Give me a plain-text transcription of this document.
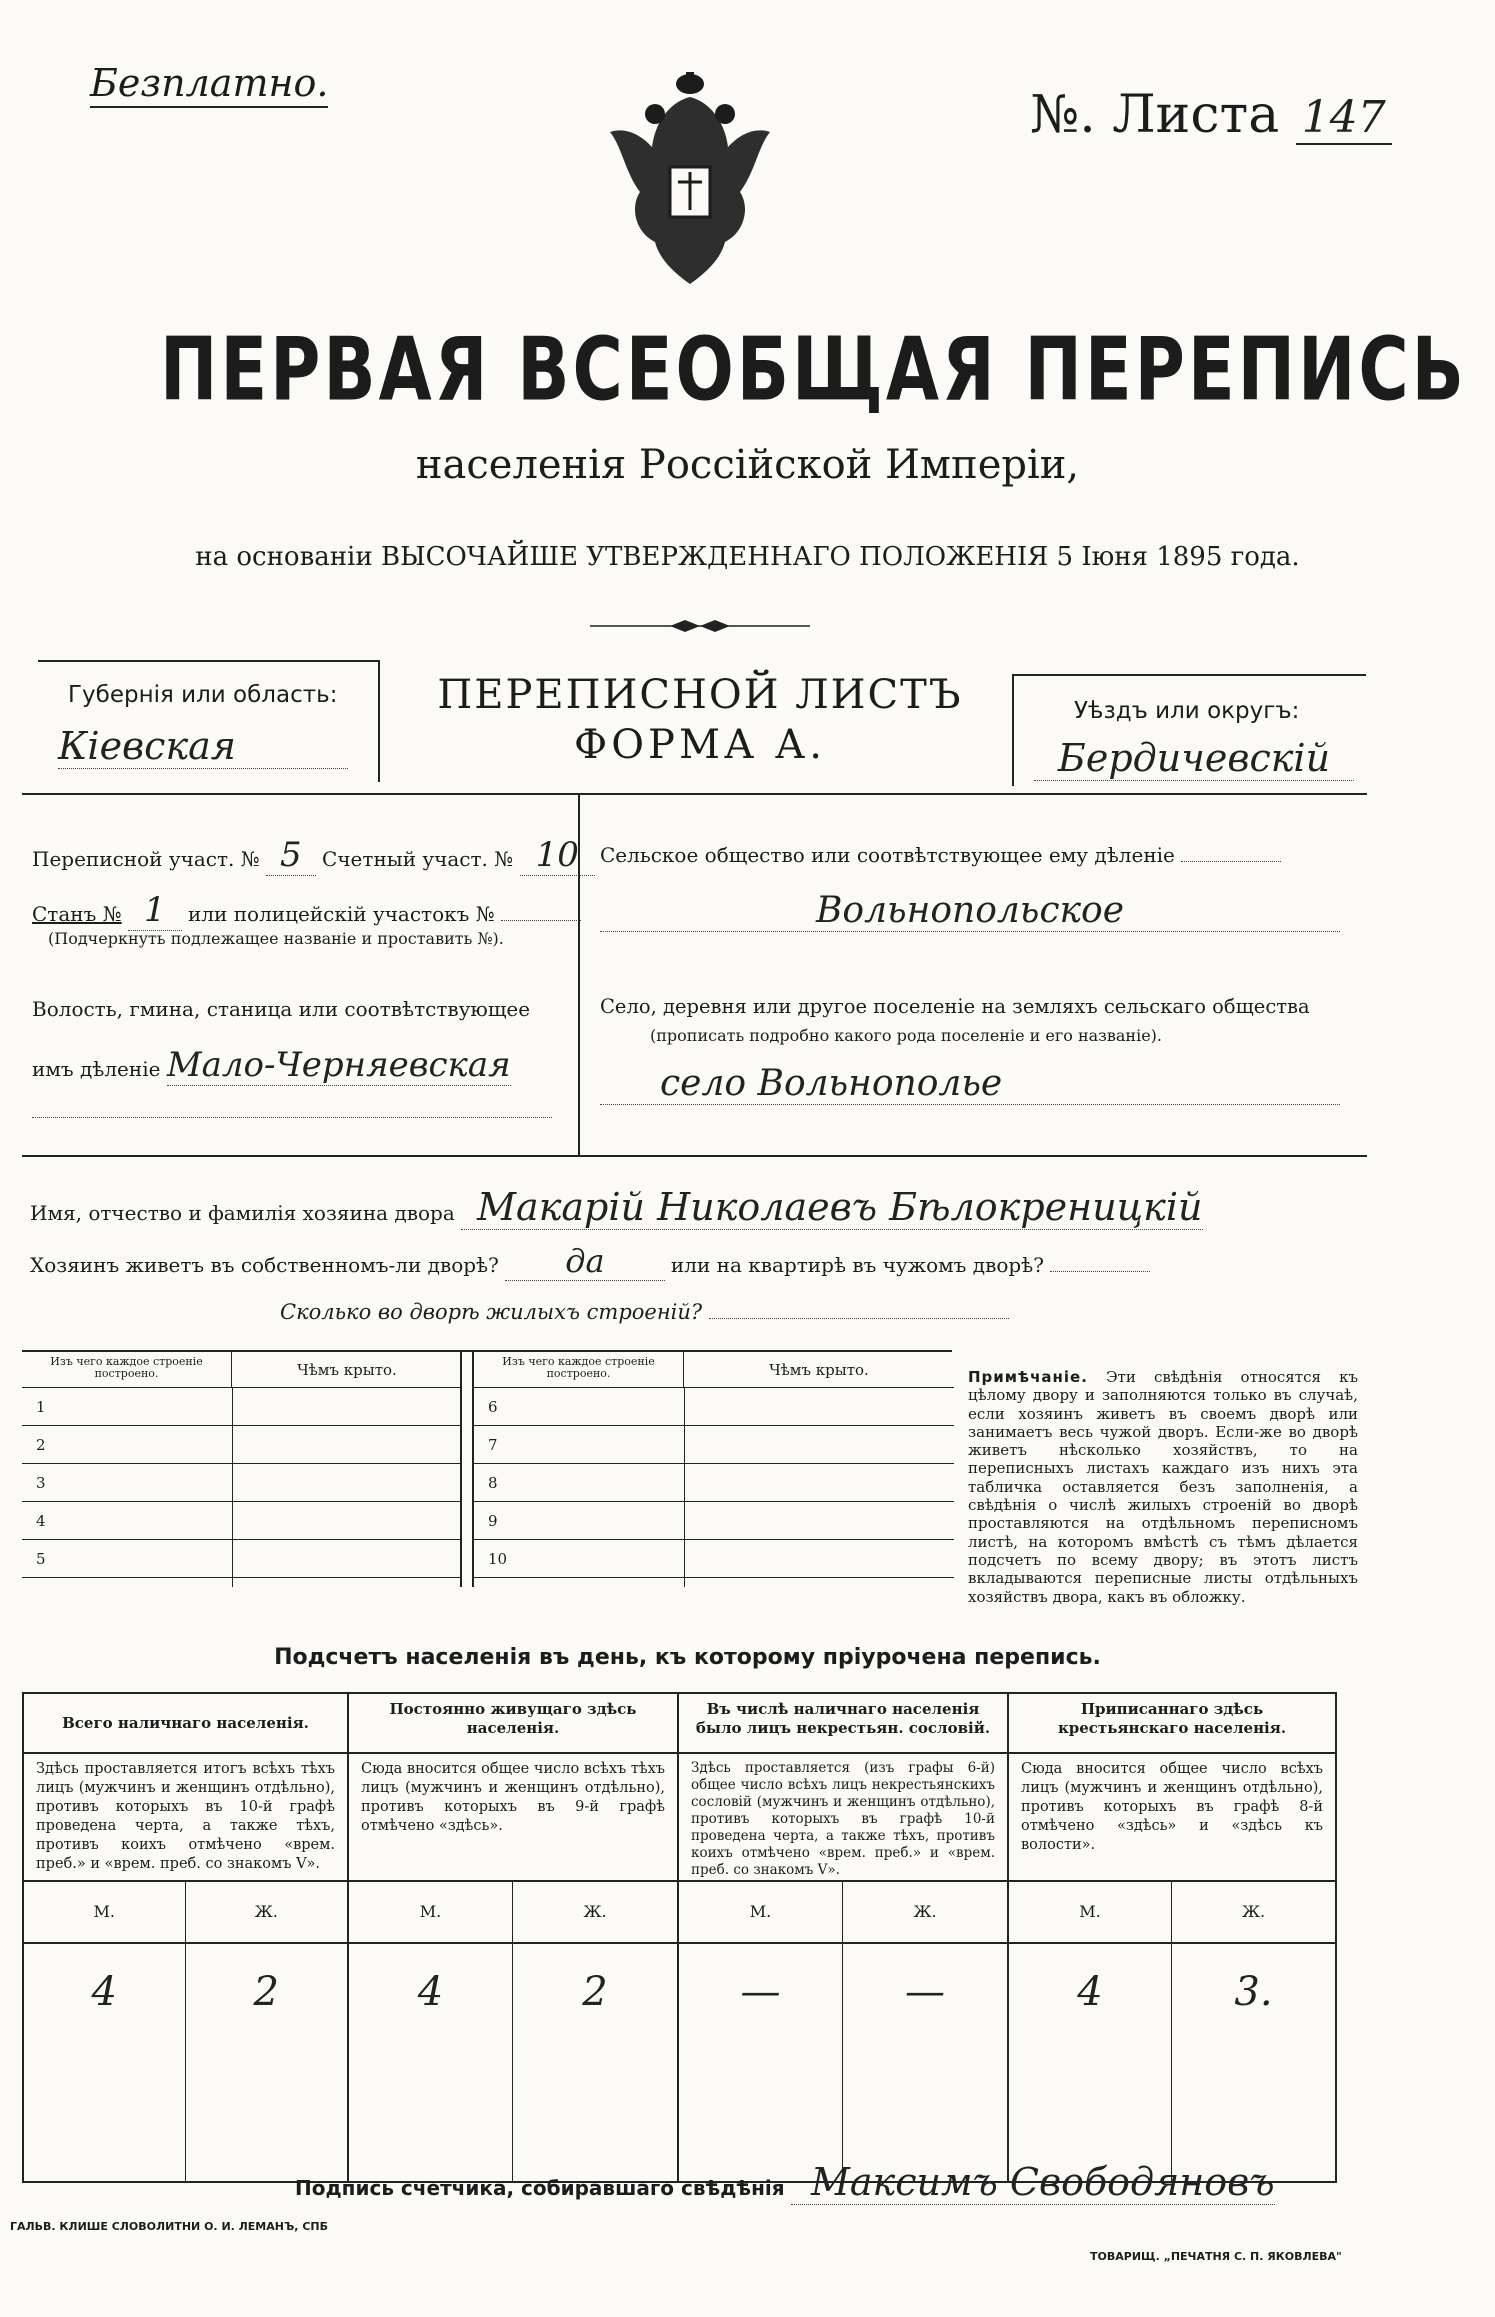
Безплатно.
№. Листа 147
ПЕРВАЯ ВСЕОБЩАЯ ПЕРЕПИСЬ
населенія Россійской Имперіи,
на основаніи ВЫСОЧАЙШЕ УТВЕРЖДЕННАГО ПОЛОЖЕНІЯ 5 Іюня 1895 года.
Губернія или область:
Кіевская
ПЕРЕПИСНОЙ ЛИСТЪ
ФОРМА А.
Уѣздъ или округъ:
Бердичевскій
Переписной участ. № 5 Счетный участ. № 10
Станъ № 1 или полицейскій участокъ №
(Подчеркнуть подлежащее названіе и проставить №).
Волость, гмина, станица или соотвѣтствующее
имъ дѣленіе Мало-Черняевская
Сельское общество или соотвѣтствующее ему дѣленіе
Вольнопольское
Село, деревня или другое поселеніе на земляхъ сельскаго общества
(прописать подробно какого рода поселеніе и его названіе).
село Вольнополье
Имя, отчество и фамилія хозяина двора Макарій Николаевъ Бѣлокреницкій
Хозяинъ живетъ въ собственномъ-ли дворѣ? да	или на квартирѣ въ чужомъ дворѣ?
Сколько во дворѣ жилыхъ строеній?
Изъ чего каждое строеніе построено.	Чѣмъ крыто.
1
2
3
4
5
Изъ чего каждое строеніе построено.	Чѣмъ крыто.
6
7
8
9
10
Примѣчаніе. Эти свѣдѣнія относятся къ цѣлому двору и заполняются только въ случаѣ, если хозяинъ живетъ въ своемъ дворѣ или занимаетъ весь чужой дворъ. Если-же во дворѣ живетъ нѣсколько хозяйствъ, то на переписныхъ листахъ каждаго изъ нихъ эта табличка оставляется безъ заполненія, а свѣдѣнія о числѣ жилыхъ строеній во дворѣ проставляются на отдѣльномъ переписномъ листѣ, на которомъ вмѣстѣ съ тѣмъ дѣлается подсчетъ по всему двору; въ этотъ листъ вкладываются переписные листы отдѣльныхъ хозяйствъ двора, какъ въ обложку.
Подсчетъ населенія въ день, къ которому пріурочена перепись.
Всего наличнаго населенія.
Здѣсь проставляется итогъ всѣхъ тѣхъ лицъ (мужчинъ и женщинъ отдѣльно), противъ которыхъ въ 10-й графѣ проведена черта, а также тѣхъ, противъ коихъ отмѣчено «врем. преб.» и «врем. преб. со знакомъ V».
М.	Ж.
4	2
Постоянно живущаго здѣсь населенія.
Сюда вносится общее число всѣхъ тѣхъ лицъ (мужчинъ и женщинъ отдѣльно), противъ которыхъ въ 9-й графѣ отмѣчено «здѣсь».
М.	Ж.
4	2
Въ числѣ наличнаго населенія было лицъ некрестьян. сословій.
Здѣсь проставляется (изъ графы 6-й) общее число всѣхъ лицъ некрестьянскихъ сословій (мужчинъ и женщинъ отдѣльно), противъ которыхъ въ графѣ 10-й проведена черта, а также тѣхъ, противъ коихъ отмѣчено «врем. преб.» и «врем. преб. со знакомъ V».
М.	Ж.
—	—
Приписаннаго здѣсь крестьянскаго населенія.
Сюда вносится общее число всѣхъ лицъ (мужчинъ и женщинъ отдѣльно), противъ которыхъ въ графѣ 8-й отмѣчено «здѣсь» и «здѣсь къ волости».
М.	Ж.
4	3.
Подпись счетчика, собиравшаго свѣдѣнія Максимъ Свободяновъ
ГАЛЬВ. КЛИШЕ СЛОВОЛИТНИ О. И. ЛЕМАНЪ, СПБ
ТОВАРИЩ. „ПЕЧАТНЯ С. П. ЯКОВЛЕВА"
